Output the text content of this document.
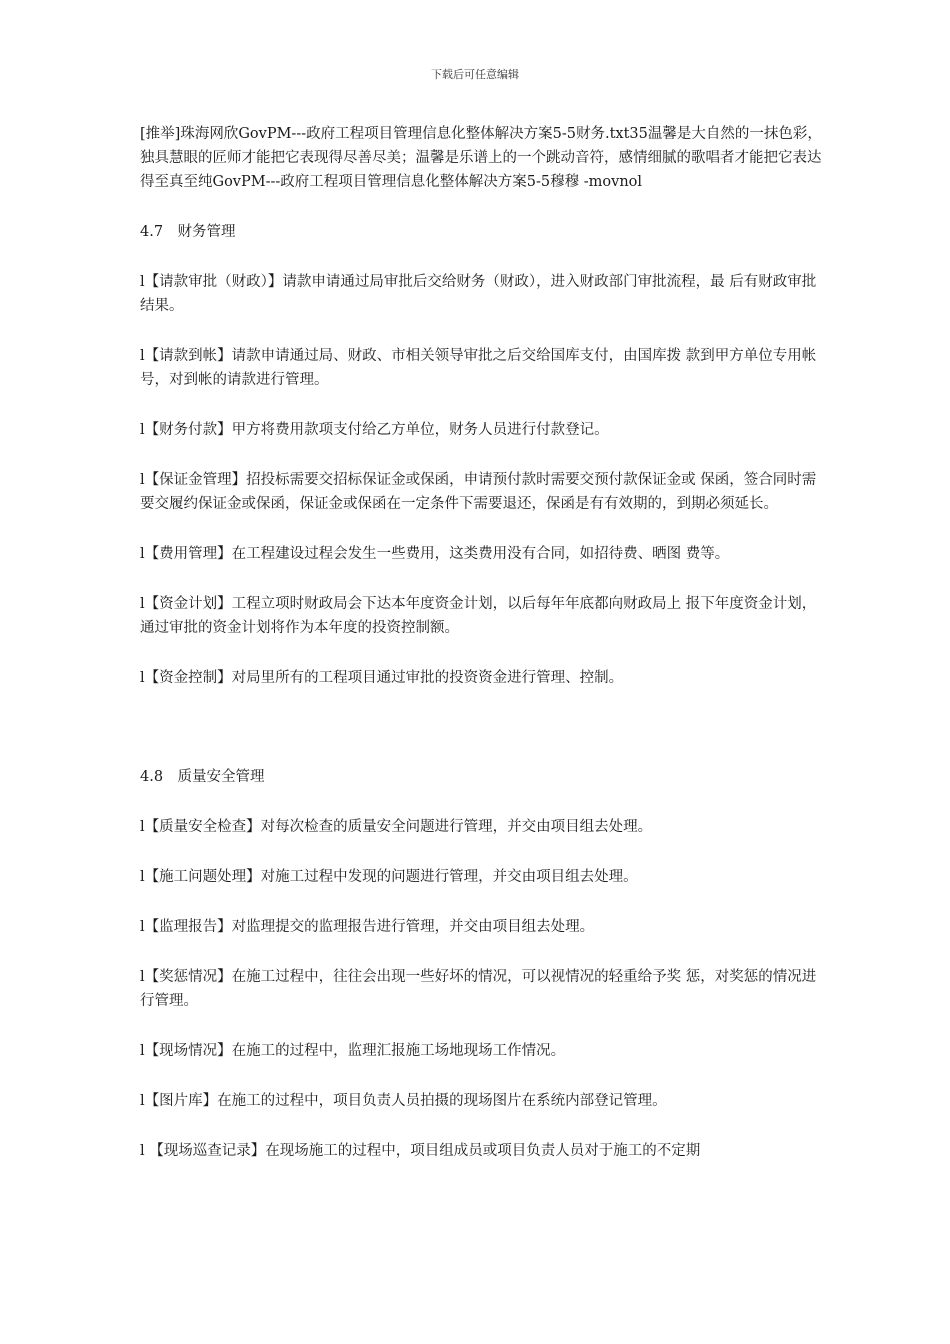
下载后可任意编辑

[推举]珠海网欣GovPM---政府工程项目管理信息化整体解决方案5-5财务.txt35温馨是大自然的一抹色彩，独具慧眼的匠师才能把它表现得尽善尽美；温馨是乐谱上的一个跳动音符，感情细腻的歌唱者才能把它表达得至真至纯GovPM---政府工程项目管理信息化整体解决方案5-5穆穆 -movnol

4.7　财务管理

l【请款审批（财政）】请款申请通过局审批后交给财务（财政），进入财政部门审批流程，最 后有财政审批结果。

l【请款到帐】请款申请通过局、财政、市相关领导审批之后交给国库支付，由国库拨 款到甲方单位专用帐号，对到帐的请款进行管理。

l【财务付款】甲方将费用款项支付给乙方单位，财务人员进行付款登记。

l【保证金管理】招投标需要交招标保证金或保函，申请预付款时需要交预付款保证金或 保函，签合同时需要交履约保证金或保函，保证金或保函在一定条件下需要退还，保函是有有效期的，到期必须延长。

l【费用管理】在工程建设过程会发生一些费用，这类费用没有合同，如招待费、晒图 费等。

l【资金计划】工程立项时财政局会下达本年度资金计划，以后每年年底都向财政局上 报下年度资金计划，通过审批的资金计划将作为本年度的投资控制额。

l【资金控制】对局里所有的工程项目通过审批的投资资金进行管理、控制。

4.8　质量安全管理

l【质量安全检查】对每次检查的质量安全问题进行管理，并交由项目组去处理。

l【施工问题处理】对施工过程中发现的问题进行管理，并交由项目组去处理。

l【监理报告】对监理提交的监理报告进行管理，并交由项目组去处理。

l【奖惩情况】在施工过程中，往往会出现一些好坏的情况，可以视情况的轻重给予奖 惩，对奖惩的情况进行管理。

l【现场情况】在施工的过程中，监理汇报施工场地现场工作情况。

l【图片库】在施工的过程中，项目负责人员拍摄的现场图片在系统内部登记管理。

l 【现场巡查记录】在现场施工的过程中，项目组成员或项目负责人员对于施工的不定期
